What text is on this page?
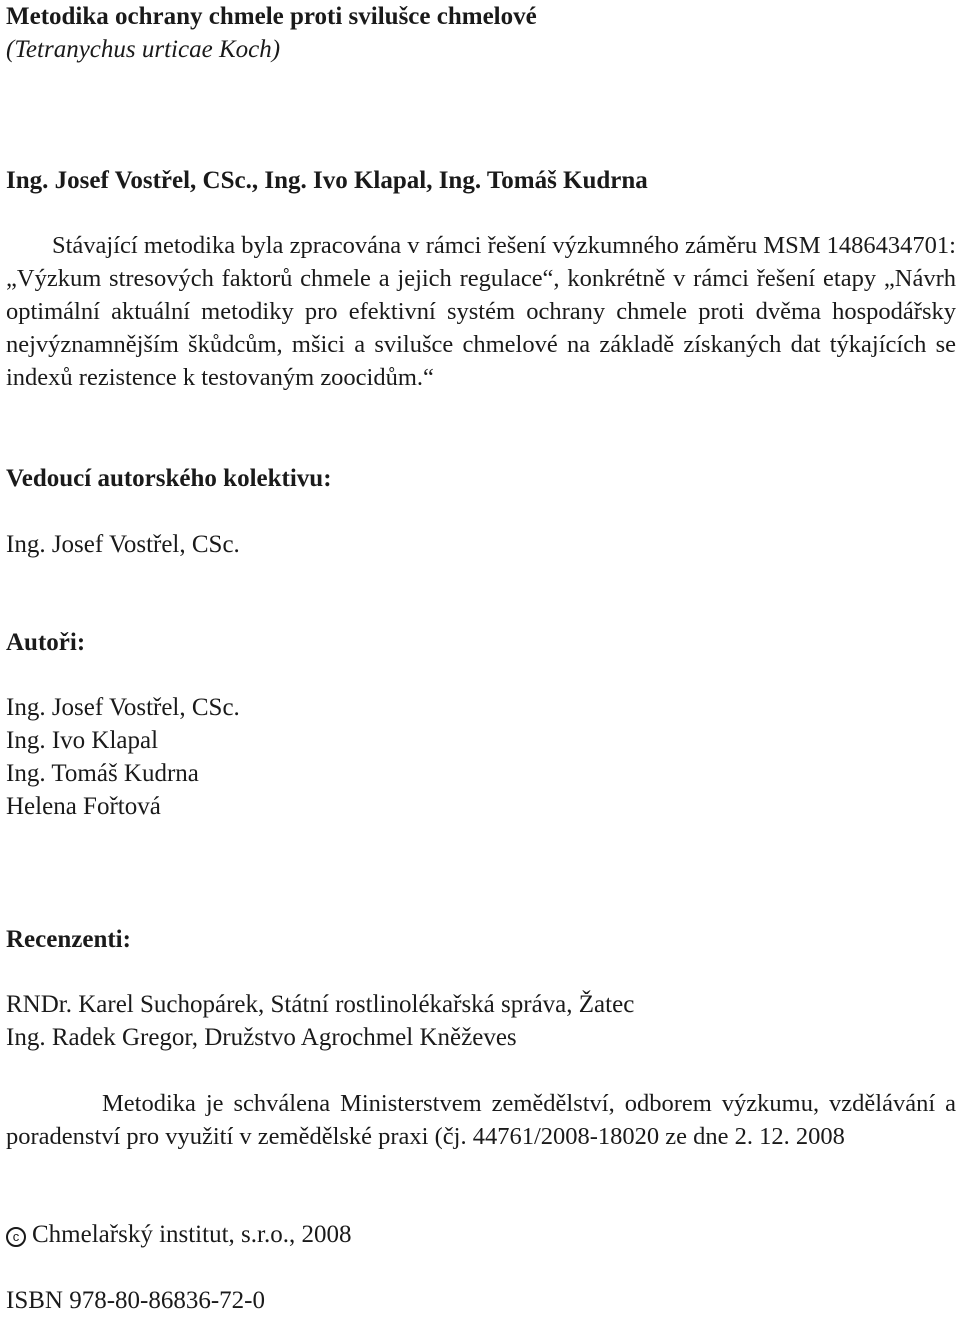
Metodika ochrany chmele proti svilušce chmelové
(Tetranychus urticae Koch)
Ing. Josef Vostřel, CSc., Ing. Ivo Klapal, Ing. Tomáš Kudrna
Stávající metodika byla zpracována v rámci řešení výzkumného záměru MSM 1486434701: „Výzkum stresových faktorů chmele a jejich regulace“, konkrétně v rámci řešení etapy „Návrh optimální aktuální metodiky pro efektivní systém ochrany chmele proti dvěma hospodářsky nejvýznamnějším škůdcům, mšici a svilušce chmelové na základě získaných dat týkajících se indexů rezistence k testovaným zoocidům.“
Vedoucí autorského kolektivu:
Ing. Josef Vostřel, CSc.
Autoři:
Ing. Josef Vostřel, CSc.
Ing. Ivo Klapal
Ing. Tomáš Kudrna
Helena Fořtová
Recenzenti:
RNDr. Karel Suchopárek, Státní rostlinolékařská správa, Žatec
Ing. Radek Gregor, Družstvo Agrochmel Kněževes
Metodika je schválena Ministerstvem zemědělství, odborem výzkumu, vzdělávání a poradenství pro využití v zemědělské praxi (čj. 44761/2008-18020 ze dne 2. 12. 2008
c Chmelařský institut, s.r.o., 2008
ISBN 978-80-86836-72-0
